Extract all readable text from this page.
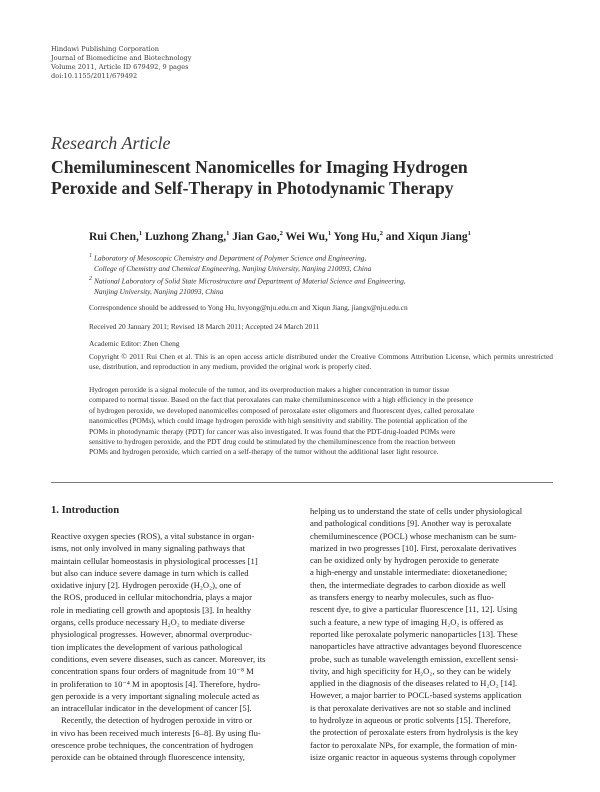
Hindawi Publishing Corporation
Journal of Biomedicine and Biotechnology
Volume 2011, Article ID 679492, 9 pages
doi:10.1155/2011/679492
Research Article
Chemiluminescent Nanomicelles for Imaging Hydrogen
Peroxide and Self-Therapy in Photodynamic Therapy
Rui Chen,$^1$ Luzhong Zhang,$^1$ Jian Gao,$^2$ Wei Wu,$^1$ Yong Hu,$^2$ and Xiqun Jiang$^1$
$^1$ Laboratory of Mesoscopic Chemistry and Department of Polymer Science and Engineering,
College of Chemistry and Chemical Engineering, Nanjing University, Nanjing 210093, China
$^2$ National Laboratory of Solid State Microstructure and Department of Material Science and Engineering,
Nanjing University, Nanjing 210093, China
Correspondence should be addressed to Yong Hu, hvyong@nju.edu.cn and Xiqun Jiang, jiangx@nju.edu.cn
Received 20 January 2011; Revised 18 March 2011; Accepted 24 March 2011
Academic Editor: Zhen Cheng
Copyright © 2011 Rui Chen et al. This is an open access article distributed under the Creative Commons Attribution License, which permits unrestricted use, distribution, and reproduction in any medium, provided the original work is properly cited.
Hydrogen peroxide is a signal molecule of the tumor, and its overproduction makes a higher concentration in tumor tissue
compared to normal tissue. Based on the fact that peroxalates can make chemiluminescence with a high efficiency in the presence
of hydrogen peroxide, we developed nanomicelles composed of peroxalate ester oligomers and fluorescent dyes, called peroxalate
nanomicelles (POMs), which could image hydrogen peroxide with high sensitivity and stability. The potential application of the
POMs in photodynamic therapy (PDT) for cancer was also investigated. It was found that the PDT-drug-loaded POMs were
sensitive to hydrogen peroxide, and the PDT drug could be stimulated by the chemiluminescence from the reaction between
POMs and hydrogen peroxide, which carried on a self-therapy of the tumor without the additional laser light resource.
1. Introduction
Reactive oxygen species (ROS), a vital substance in organ-
isms, not only involved in many signaling pathways that
maintain cellular homeostasis in physiological processes [1]
but also can induce severe damage in turn which is called
oxidative injury [2]. Hydrogen peroxide (H₂O₂), one of
the ROS, produced in cellular mitochondria, plays a major
role in mediating cell growth and apoptosis [3]. In healthy
organs, cells produce necessary H₂O₂ to mediate diverse
physiological progresses. However, abnormal overproduc-
tion implicates the development of various pathological
conditions, even severe diseases, such as cancer. Moreover, its
concentration spans four orders of magnitude from 10⁻⁸ M
in proliferation to 10⁻⁴ M in apoptosis [4]. Therefore, hydro-
gen peroxide is a very important signaling molecule acted as
an intracellular indicator in the development of cancer [5].
Recently, the detection of hydrogen peroxide in vitro or
in vivo has been received much interests [6–8]. By using flu-
orescence probe techniques, the concentration of hydrogen
peroxide can be obtained through fluorescence intensity,
helping us to understand the state of cells under physiological
and pathological conditions [9]. Another way is peroxalate
chemiluminescence (POCL) whose mechanism can be sum-
marized in two progresses [10]. First, peroxalate derivatives
can be oxidized only by hydrogen peroxide to generate
a high-energy and unstable intermediate: dioxetanedione;
then, the intermediate degrades to carbon dioxide as well
as transfers energy to nearby molecules, such as fluo-
rescent dye, to give a particular fluorescence [11, 12]. Using
such a feature, a new type of imaging H₂O₂ is offered as
reported like peroxalate polymeric nanoparticles [13]. These
nanoparticles have attractive advantages beyond fluorescence
probe, such as tunable wavelength emission, excellent sensi-
tivity, and high specificity for H₂O₂, so they can be widely
applied in the diagnosis of the diseases related to H₂O₂ [14].
However, a major barrier to POCL-based systems application
is that peroxalate derivatives are not so stable and inclined
to hydrolyze in aqueous or protic solvents [15]. Therefore,
the protection of peroxalate esters from hydrolysis is the key
factor to peroxalate NPs, for example, the formation of min-
isize organic reactor in aqueous systems through copolymer
